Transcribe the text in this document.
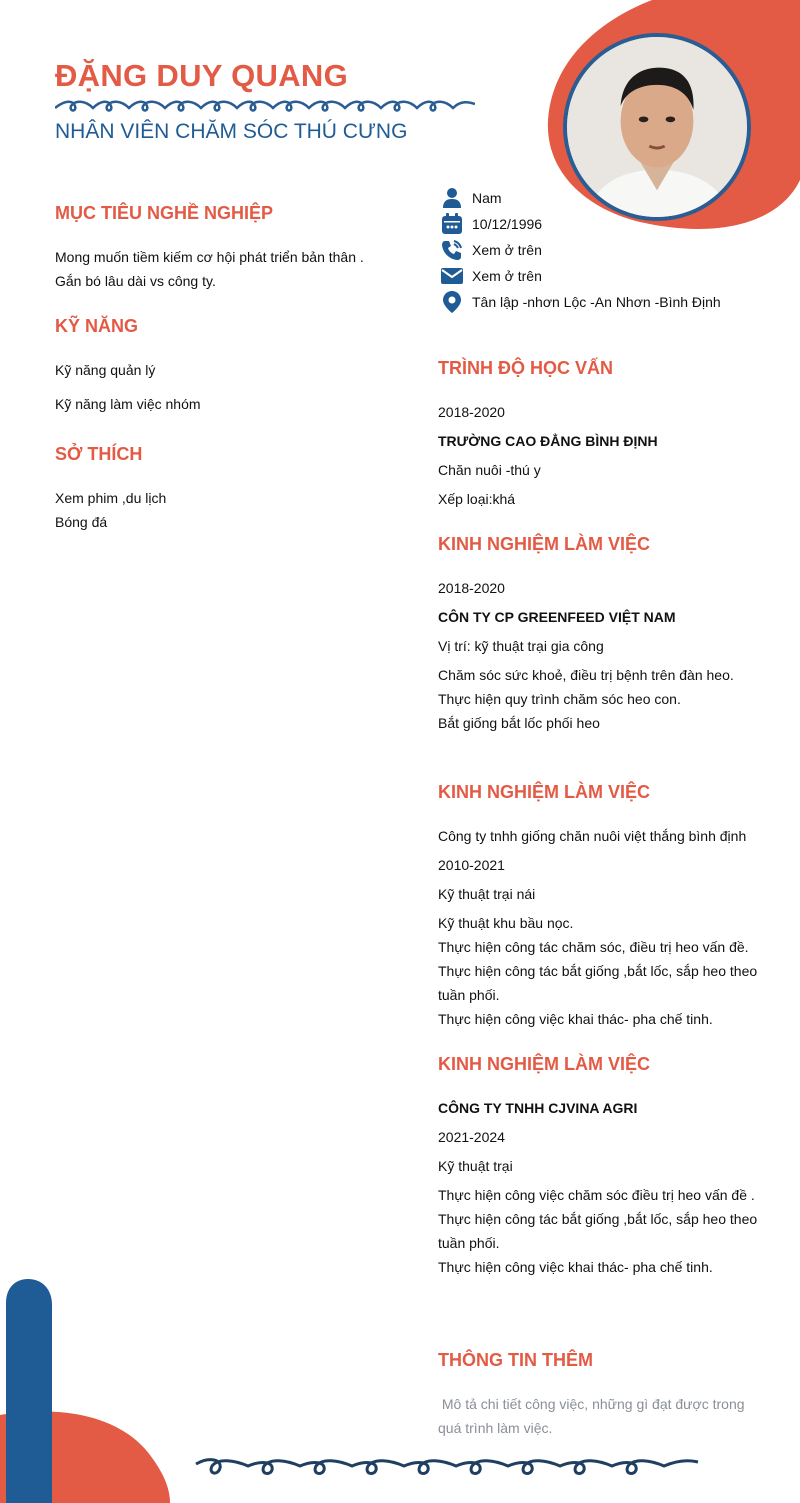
ĐẶNG DUY QUANG
NHÂN VIÊN CHĂM SÓC THÚ CƯNG
Nam
10/12/1996
Xem ở trên
Xem ở trên
Tân lập -nhơn Lộc -An Nhơn -Bình Định
MỤC TIÊU NGHỀ NGHIỆP
Mong muốn tiềm kiếm cơ hội phát triển bản thân .
Gắn bó lâu dài vs công ty.
KỸ NĂNG
Kỹ năng quản lý
Kỹ năng làm việc nhóm
SỞ THÍCH
Xem phim ,du lịch
Bóng đá
TRÌNH ĐỘ HỌC VẤN
2018-2020
TRƯỜNG CAO ĐẲNG BÌNH ĐỊNH
Chăn nuôi -thú y
Xếp loại:khá
KINH NGHIỆM LÀM VIỆC
2018-2020
CÔN TY CP GREENFEED VIỆT NAM
Vị trí: kỹ thuật trại gia công
Chăm sóc sức khoẻ, điều trị bệnh trên đàn heo.
Thực hiện quy trình chăm sóc heo con.
Bắt giống bắt lốc phối heo
KINH NGHIỆM LÀM VIỆC
Công ty tnhh giống chăn nuôi việt thắng bình định
2010-2021
Kỹ thuật trại nái
Kỹ thuật khu bầu nọc.
Thực hiện công tác chăm sóc, điều trị heo vấn đề.
Thực hiện công tác bắt giống ,bắt lốc, sắp heo theo
tuần phối.
Thực hiện công việc khai thác- pha chế tinh.
KINH NGHIỆM LÀM VIỆC
CÔNG TY TNHH CJVINA AGRI
2021-2024
Kỹ thuật trại
Thực hiện công việc chăm sóc điều trị heo vấn đề .
Thực hiện công tác bắt giống ,bắt lốc, sắp heo theo
tuần phối.
Thực hiện công việc khai thác- pha chế tinh.
THÔNG TIN THÊM
Mô tả chi tiết công việc, những gì đạt được trong
quá trình làm việc.
